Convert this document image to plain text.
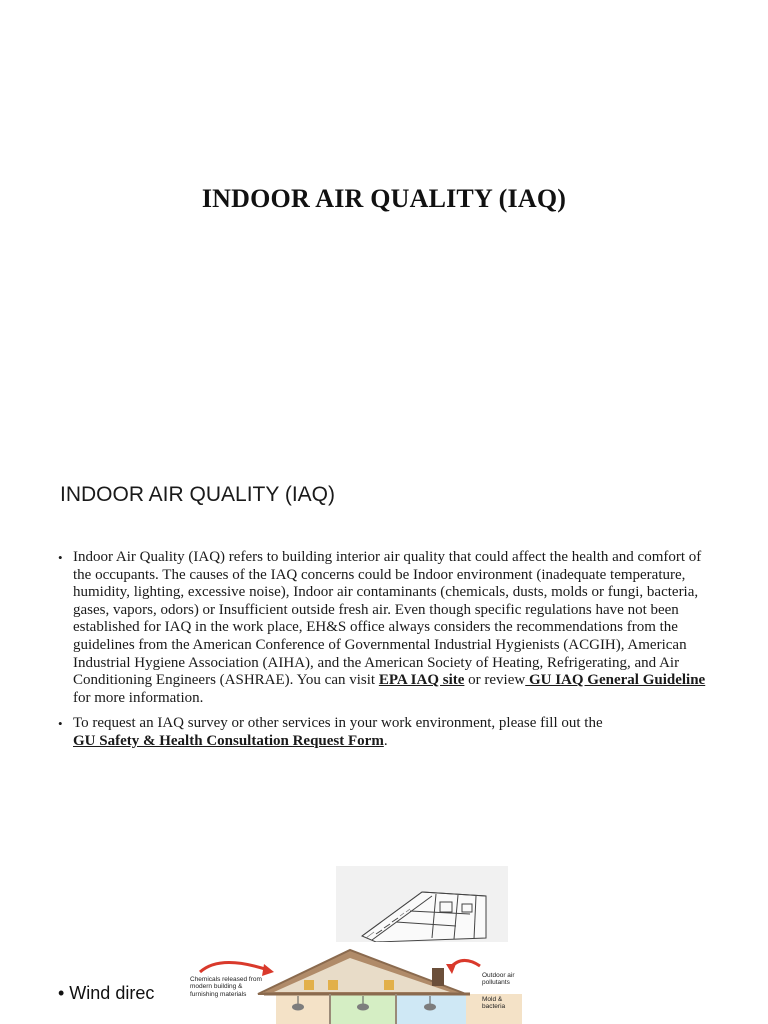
INDOOR AIR QUALITY (IAQ)
INDOOR AIR QUALITY (IAQ)
• Indoor Air Quality (IAQ) refers to building interior air quality that could affect the health and comfort of the occupants. The causes of the IAQ concerns could be Indoor environment (inadequate temperature, humidity, lighting, excessive noise), Indoor air contaminants (chemicals, dusts, molds or fungi, bacteria, gases, vapors, odors) or Insufficient outside fresh air. Even though specific regulations have not been established for IAQ in the work place, EH&S office always considers the recommendations from the guidelines from the American Conference of Governmental Industrial Hygienists (ACGIH), American Industrial Hygiene Association (AIHA), and the American Society of Heating, Refrigerating, and Air Conditioning Engineers (ASHRAE). You can visit EPA IAQ site or review GU IAQ General Guideline for more information.
• To request an IAQ survey or other services in your work environment, please fill out the
GU Safety & Health Consultation Request Form.
Chemicals released from modern building & furnishing materials
Outdoor air pollutants
Mold & bacteria
• Wind direc
